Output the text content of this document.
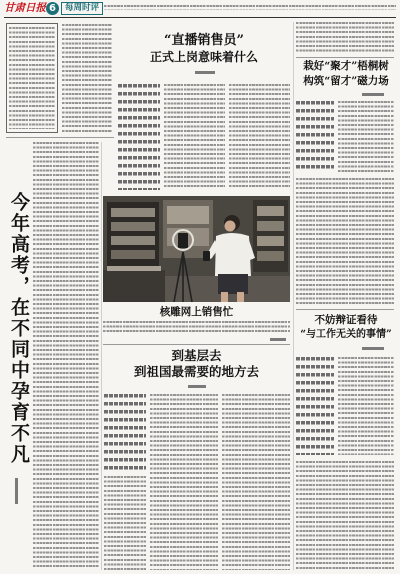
甘肃日报 6	每周时评
今年高考，在不同中孕育不凡
“直播销售员”
正式上岗意味着什么
核雕网上销售忙
到基层去
到祖国最需要的地方去
栽好“聚才”梧桐树
构筑“留才”磁力场
不妨辩证看待
“与工作无关的事情”
